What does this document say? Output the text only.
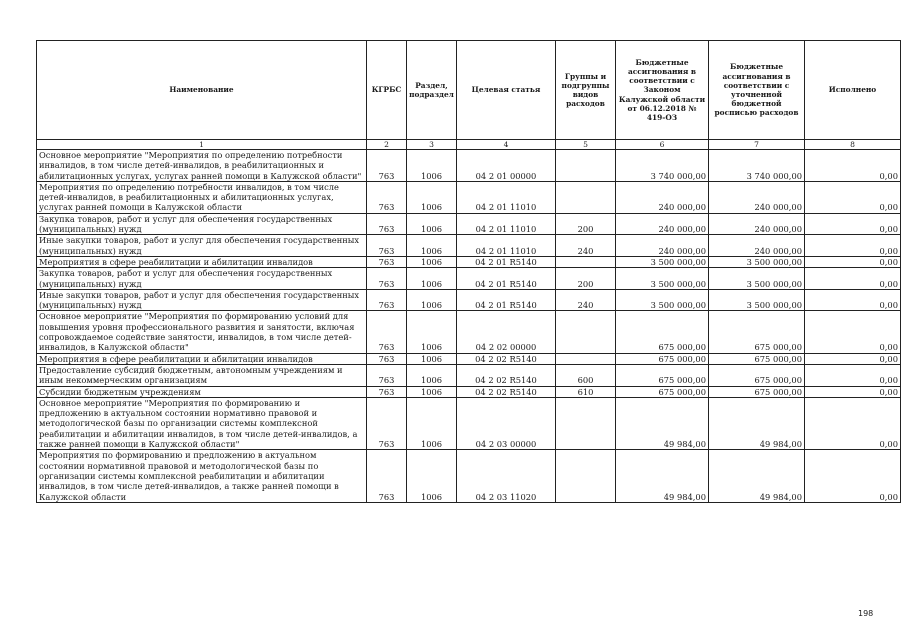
Наименование	КГРБС	Раздел, подраздел	Целевая статья	Группы и подгруппы видов расходов	Бюджетные ассигнования в соответствии с Законом Калужской области от 06.12.2018 № 419-ОЗ	Бюджетные ассигнования в соответствии с уточненной бюджетной росписью расходов	Исполнено
1	2	3	4	5	6	7	8
Основное мероприятие "Мероприятия по определению потребности инвалидов, в том числе детей-инвалидов, в реабилитационных и абилитационных услугах, услугах ранней помощи в Калужской области"	763	1006	04 2 01 00000		3 740 000,00	3 740 000,00	0,00
Мероприятия по определению потребности инвалидов, в том числе детей-инвалидов, в реабилитационных и абилитационных услугах, услугах ранней помощи в Калужской области	763	1006	04 2 01 11010		240 000,00	240 000,00	0,00
Закупка товаров, работ и услуг для обеспечения государственных (муниципальных) нужд	763	1006	04 2 01 11010	200	240 000,00	240 000,00	0,00
Иные закупки товаров, работ и услуг для обеспечения государственных (муниципальных) нужд	763	1006	04 2 01 11010	240	240 000,00	240 000,00	0,00
Мероприятия в сфере реабилитации и абилитации инвалидов	763	1006	04 2 01 R5140		3 500 000,00	3 500 000,00	0,00
Закупка товаров, работ и услуг для обеспечения государственных (муниципальных) нужд	763	1006	04 2 01 R5140	200	3 500 000,00	3 500 000,00	0,00
Иные закупки товаров, работ и услуг для обеспечения государственных (муниципальных) нужд	763	1006	04 2 01 R5140	240	3 500 000,00	3 500 000,00	0,00
Основное мероприятие "Мероприятия по формированию условий для повышения уровня профессионального развития и занятости, включая сопровождаемое содействие занятости, инвалидов, в том числе детей-инвалидов, в Калужской области"	763	1006	04 2 02 00000		675 000,00	675 000,00	0,00
Мероприятия в сфере реабилитации и абилитации инвалидов	763	1006	04 2 02 R5140		675 000,00	675 000,00	0,00
Предоставление субсидий бюджетным, автономным учреждениям и иным некоммерческим организациям	763	1006	04 2 02 R5140	600	675 000,00	675 000,00	0,00
Субсидии бюджетным учреждениям	763	1006	04 2 02 R5140	610	675 000,00	675 000,00	0,00
Основное мероприятие "Мероприятия по формированию и предложению в актуальном состоянии нормативно правовой и методологической базы по организации системы комплексной реабилитации и абилитации инвалидов, в том числе детей-инвалидов, а также ранней помощи в Калужской области"	763	1006	04 2 03 00000		49 984,00	49 984,00	0,00
Мероприятия по формированию и предложению в актуальном состоянии нормативной правовой и методологической базы по организации системы комплексной реабилитации и абилитации инвалидов, в том числе детей-инвалидов, а также ранней помощи в Калужской области	763	1006	04 2 03 11020		49 984,00	49 984,00	0,00
198
